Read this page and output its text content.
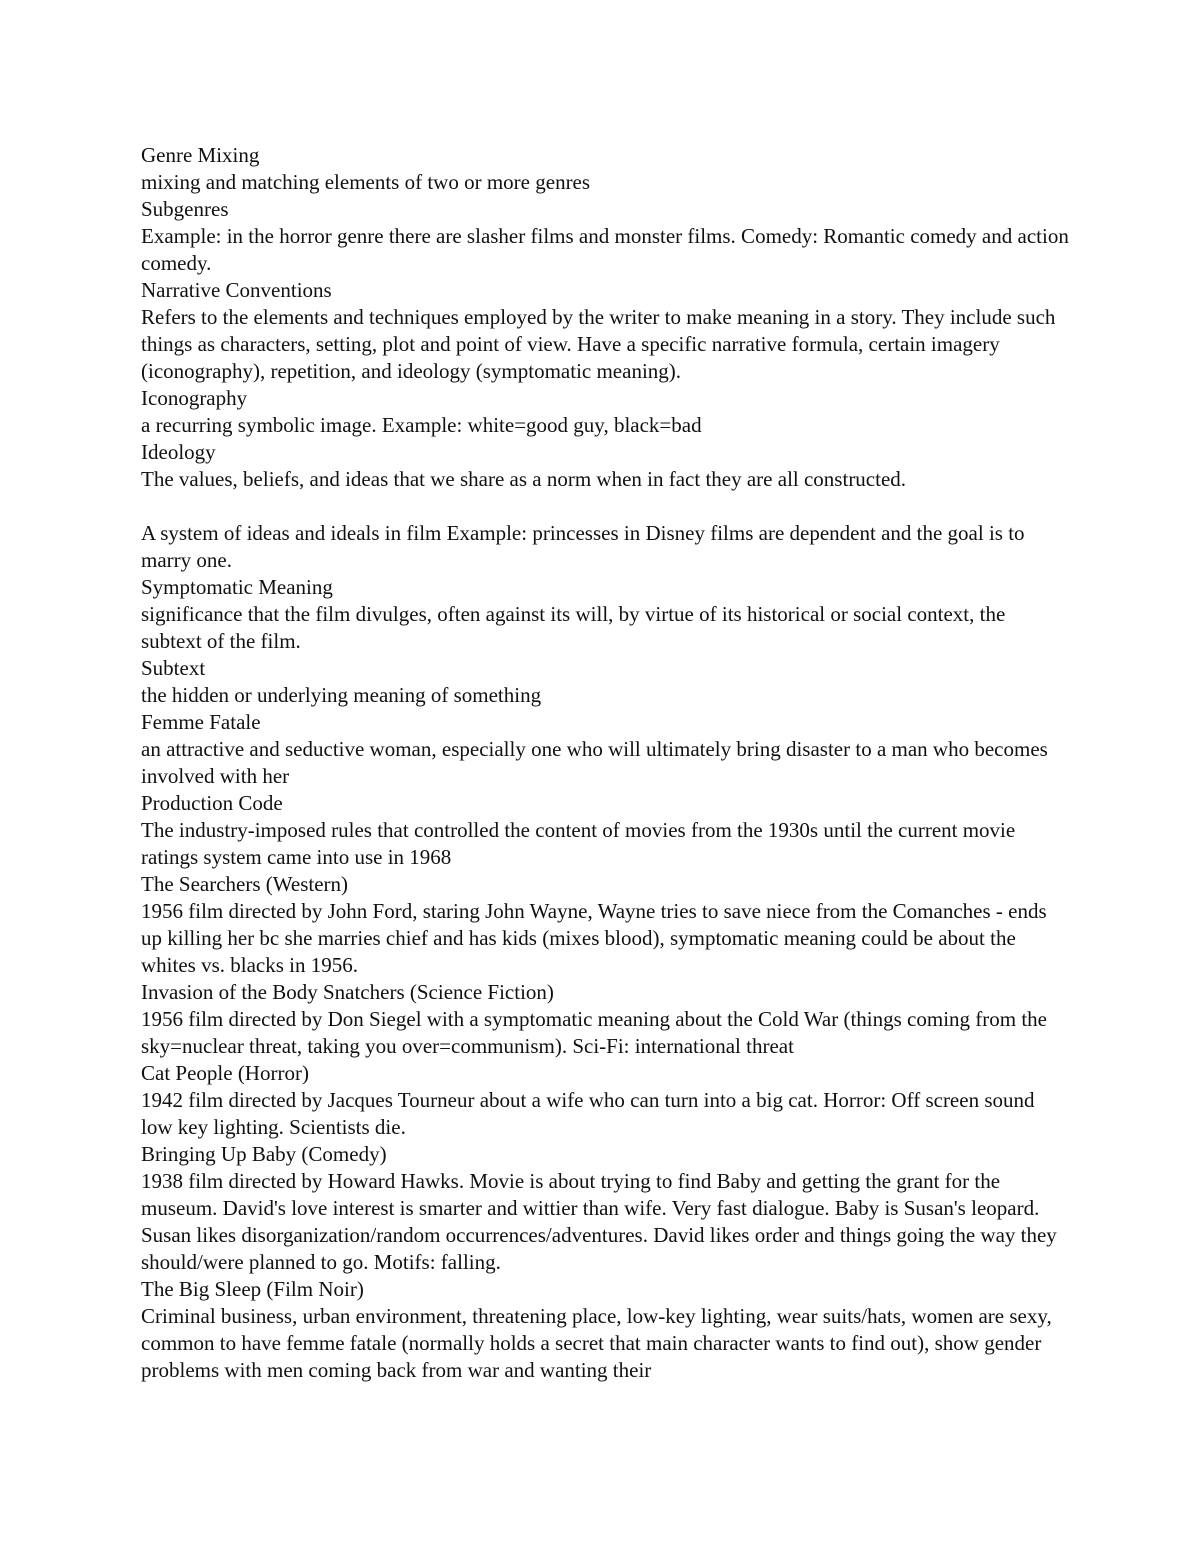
Genre Mixing

mixing and matching elements of two or more genres

Subgenres

Example: in the horror genre there are slasher films and monster films. Comedy: Romantic comedy and action comedy.

Narrative Conventions

Refers to the elements and techniques employed by the writer to make meaning in a story. They include such things as characters, setting, plot and point of view. Have a specific narrative formula, certain imagery (iconography), repetition, and ideology (symptomatic meaning).

Iconography

a recurring symbolic image. Example: white=good guy, black=bad

Ideology

The values, beliefs, and ideas that we share as a norm when in fact they are all constructed.

A system of ideas and ideals in film Example: princesses in Disney films are dependent and the goal is to marry one.

Symptomatic Meaning

significance that the film divulges, often against its will, by virtue of its historical or social context, the subtext of the film.

Subtext

the hidden or underlying meaning of something

Femme Fatale

an attractive and seductive woman, especially one who will ultimately bring disaster to a man who becomes involved with her

Production Code

The industry-imposed rules that controlled the content of movies from the 1930s until the current movie ratings system came into use in 1968

The Searchers (Western)

1956 film directed by John Ford, staring John Wayne, Wayne tries to save niece from the Comanches - ends up killing her bc she marries chief and has kids (mixes blood), symptomatic meaning could be about the whites vs. blacks in 1956.

Invasion of the Body Snatchers (Science Fiction)

1956 film directed by Don Siegel with a symptomatic meaning about the Cold War (things coming from the sky=nuclear threat, taking you over=communism). Sci-Fi: international threat

Cat People (Horror)

1942 film directed by Jacques Tourneur about a wife who can turn into a big cat. Horror: Off screen sound low key lighting. Scientists die.

Bringing Up Baby (Comedy)

1938 film directed by Howard Hawks. Movie is about trying to find Baby and getting the grant for the museum. David's love interest is smarter and wittier than wife. Very fast dialogue. Baby is Susan's leopard. Susan likes disorganization/random occurrences/adventures. David likes order and things going the way they should/were planned to go. Motifs: falling.

The Big Sleep (Film Noir)

Criminal business, urban environment, threatening place, low-key lighting, wear suits/hats, women are sexy, common to have femme fatale (normally holds a secret that main character wants to find out), show gender problems with men coming back from war and wanting their
